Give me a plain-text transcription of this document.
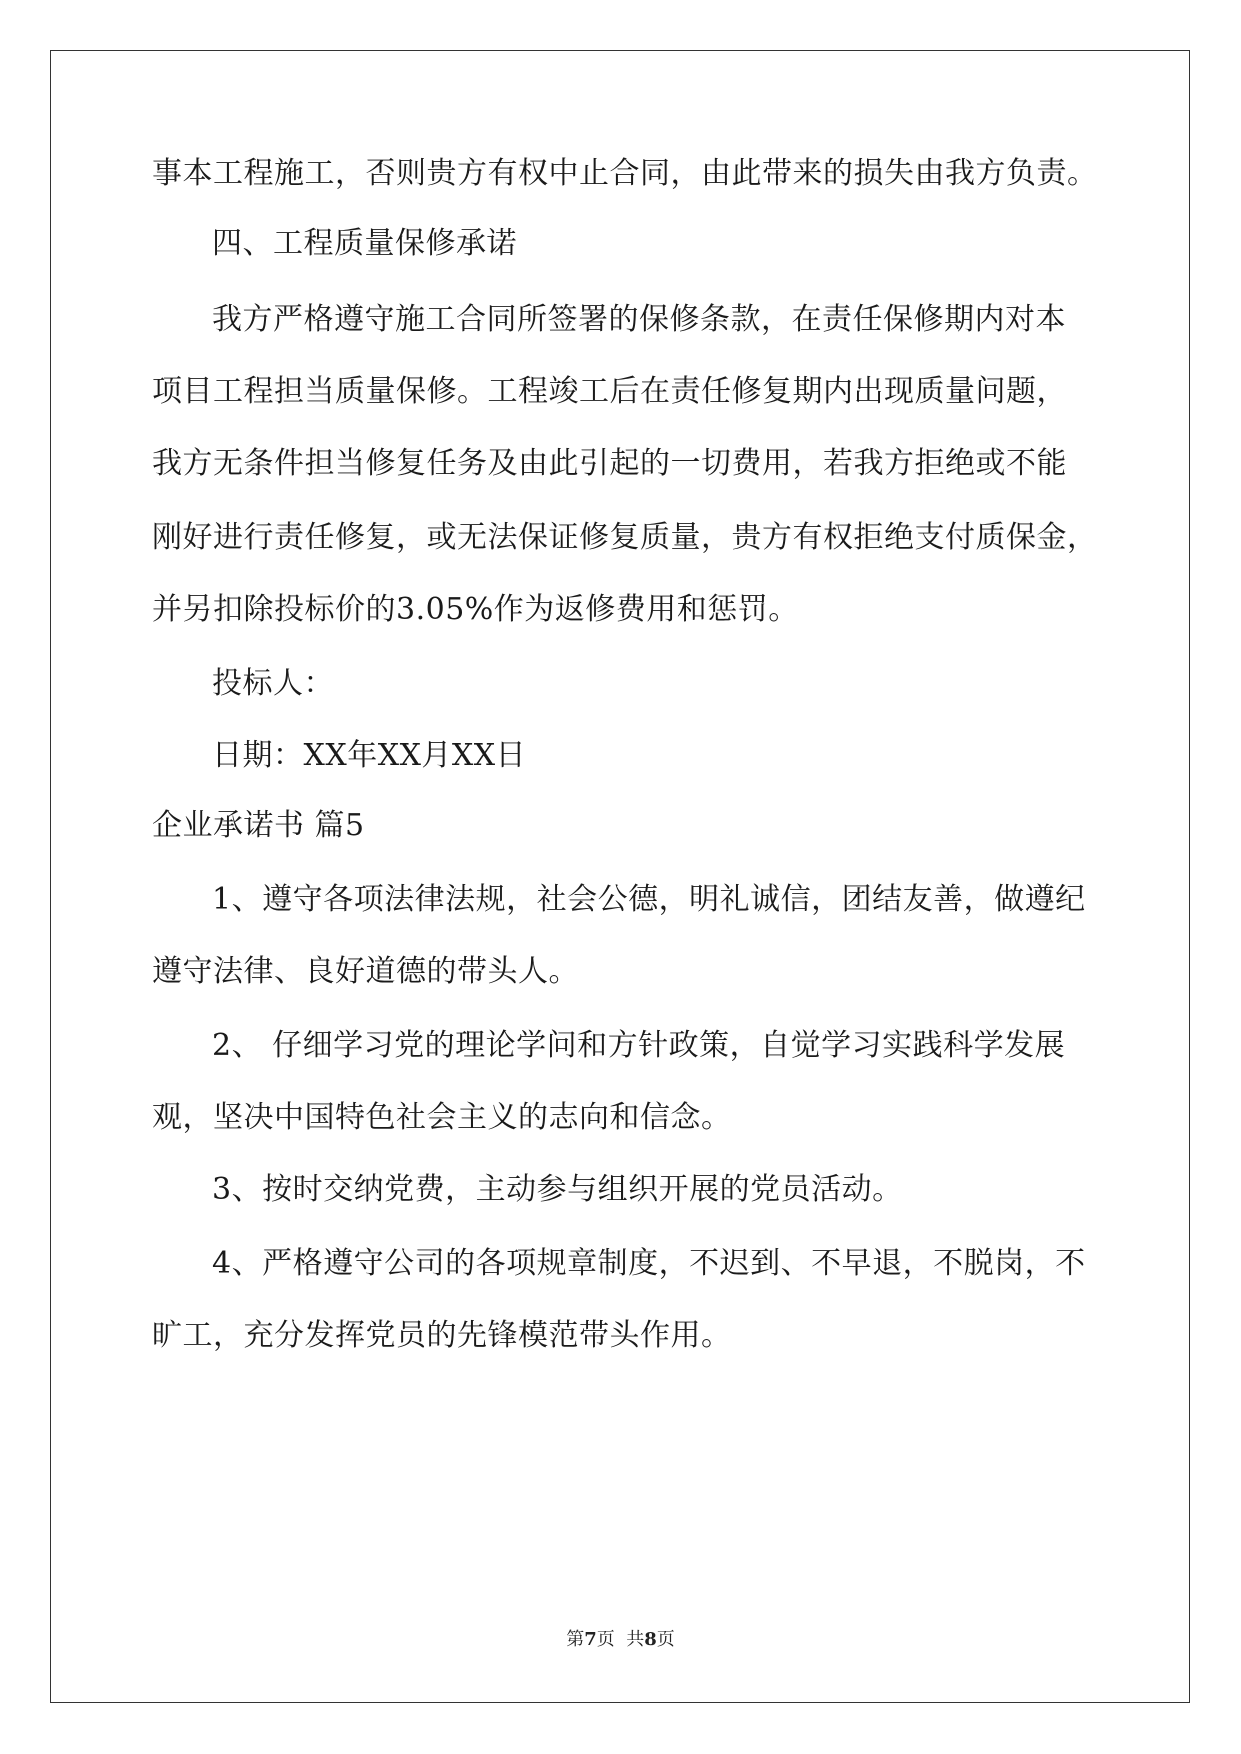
事本工程施工，否则贵方有权中止合同，由此带来的损失由我方负责。
四、工程质量保修承诺
我方严格遵守施工合同所签署的保修条款，在责任保修期内对本
项目工程担当质量保修。工程竣工后在责任修复期内出现质量问题，
我方无条件担当修复任务及由此引起的一切费用，若我方拒绝或不能
刚好进行责任修复，或无法保证修复质量，贵方有权拒绝支付质保金，
并另扣除投标价的3.05%作为返修费用和惩罚。
投标人：
日期：XX年XX月XX日
企业承诺书 篇5
1、遵守各项法律法规，社会公德，明礼诚信，团结友善，做遵纪
遵守法律、良好道德的带头人。
2、 仔细学习党的理论学问和方针政策，自觉学习实践科学发展
观，坚决中国特色社会主义的志向和信念。
3、按时交纳党费，主动参与组织开展的党员活动。
4、严格遵守公司的各项规章制度，不迟到、不早退，不脱岗，不
旷工，充分发挥党员的先锋模范带头作用。
第7页  共8页
